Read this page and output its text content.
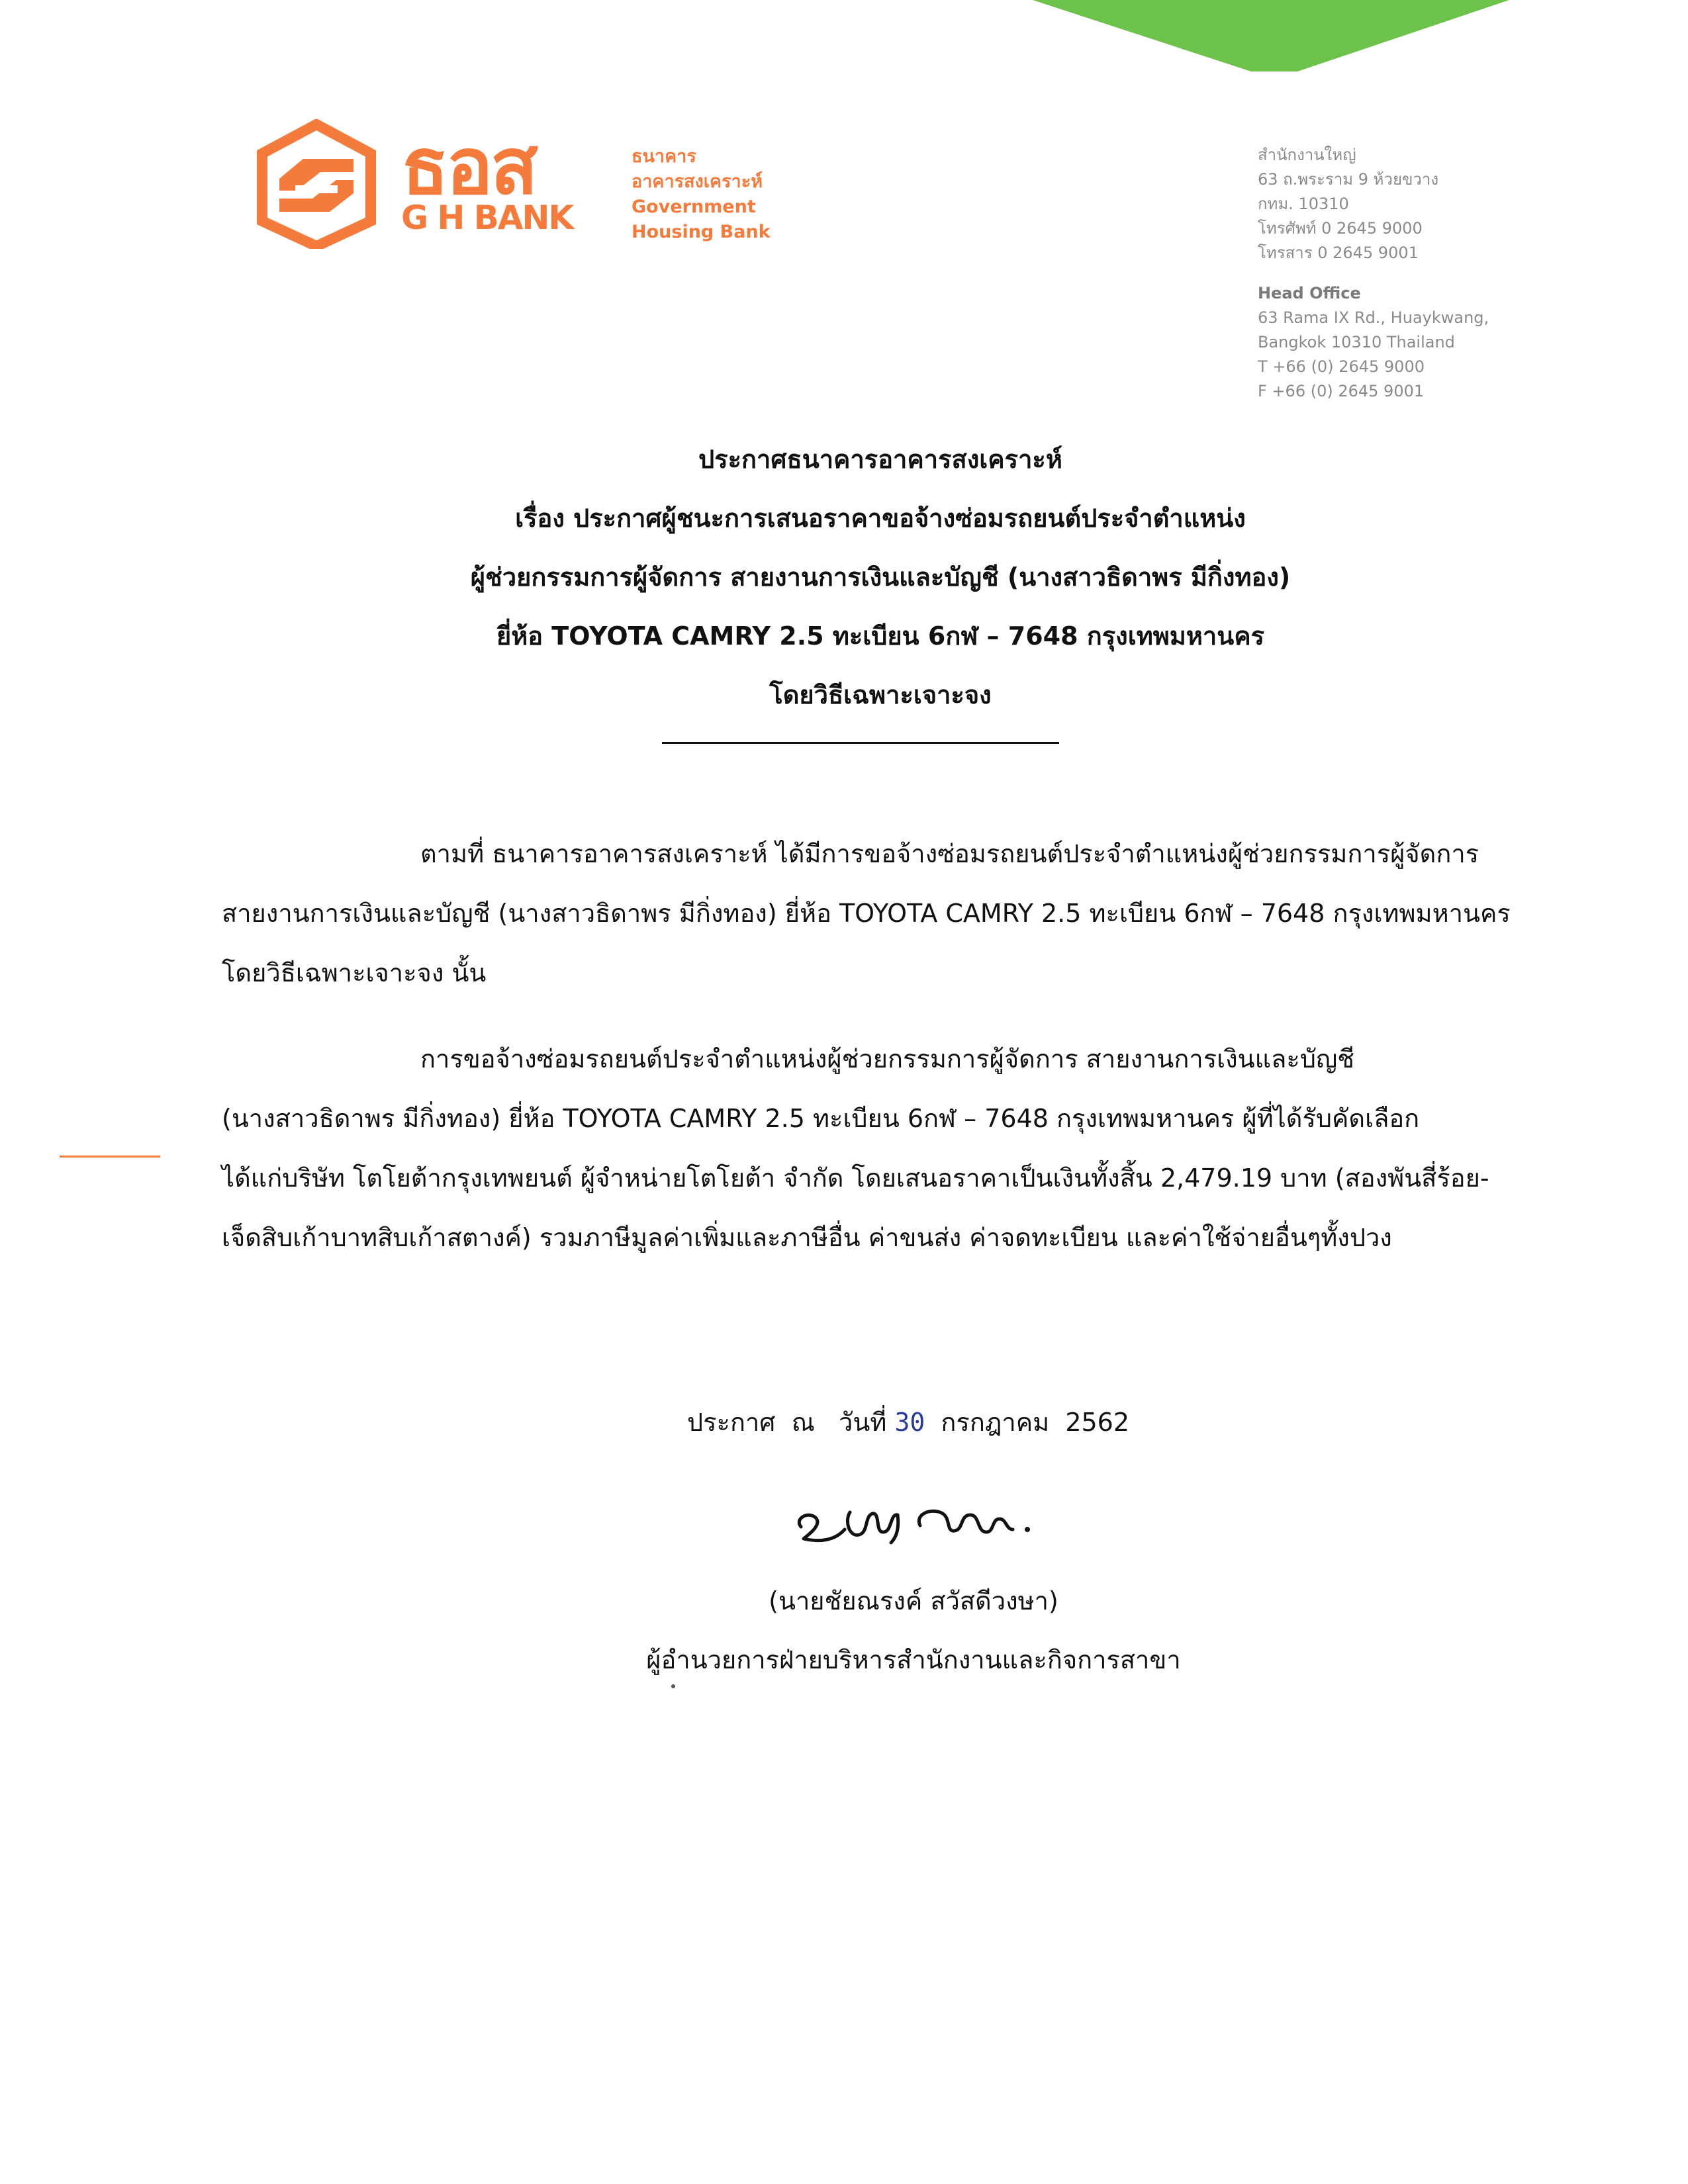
ธอส
G H BANK
ธนาคาร
อาคารสงเคราะห์
Government
Housing Bank
สำนักงานใหญ่
63 ถ.พระราม 9 ห้วยขวาง
กทม. 10310
โทรศัพท์ 0 2645 9000
โทรสาร 0 2645 9001
Head Office
63 Rama IX Rd., Huaykwang,
Bangkok 10310 Thailand
T +66 (0) 2645 9000
F +66 (0) 2645 9001
ประกาศธนาคารอาคารสงเคราะห์
เรื่อง ประกาศผู้ชนะการเสนอราคาขอจ้างซ่อมรถยนต์ประจำตำแหน่ง
ผู้ช่วยกรรมการผู้จัดการ สายงานการเงินและบัญชี (นางสาวธิดาพร มีกิ่งทอง)
ยี่ห้อ TOYOTA CAMRY 2.5 ทะเบียน 6กฬ – 7648 กรุงเทพมหานคร
โดยวิธีเฉพาะเจาะจง
ตามที่ ธนาคารอาคารสงเคราะห์ ได้มีการขอจ้างซ่อมรถยนต์ประจำตำแหน่งผู้ช่วยกรรมการผู้จัดการ
สายงานการเงินและบัญชี (นางสาวธิดาพร มีกิ่งทอง) ยี่ห้อ TOYOTA CAMRY 2.5 ทะเบียน 6กฬ – 7648 กรุงเทพมหานคร
โดยวิธีเฉพาะเจาะจง นั้น
การขอจ้างซ่อมรถยนต์ประจำตำแหน่งผู้ช่วยกรรมการผู้จัดการ สายงานการเงินและบัญชี
(นางสาวธิดาพร มีกิ่งทอง) ยี่ห้อ TOYOTA CAMRY 2.5 ทะเบียน 6กฬ – 7648 กรุงเทพมหานคร ผู้ที่ได้รับคัดเลือก
ได้แก่บริษัท โตโยต้ากรุงเทพยนต์ ผู้จำหน่ายโตโยต้า จำกัด โดยเสนอราคาเป็นเงินทั้งสิ้น 2,479.19 บาท (สองพันสี่ร้อย-
เจ็ดสิบเก้าบาทสิบเก้าสตางค์) รวมภาษีมูลค่าเพิ่มและภาษีอื่น ค่าขนส่ง ค่าจดทะเบียน และค่าใช้จ่ายอื่นๆทั้งปวง
ประกาศ  ณ   วันที่ 30  กรกฎาคม  2562
(นายชัยณรงค์ สวัสดีวงษา)
ผู้อำนวยการฝ่ายบริหารสำนักงานและกิจการสาขา
